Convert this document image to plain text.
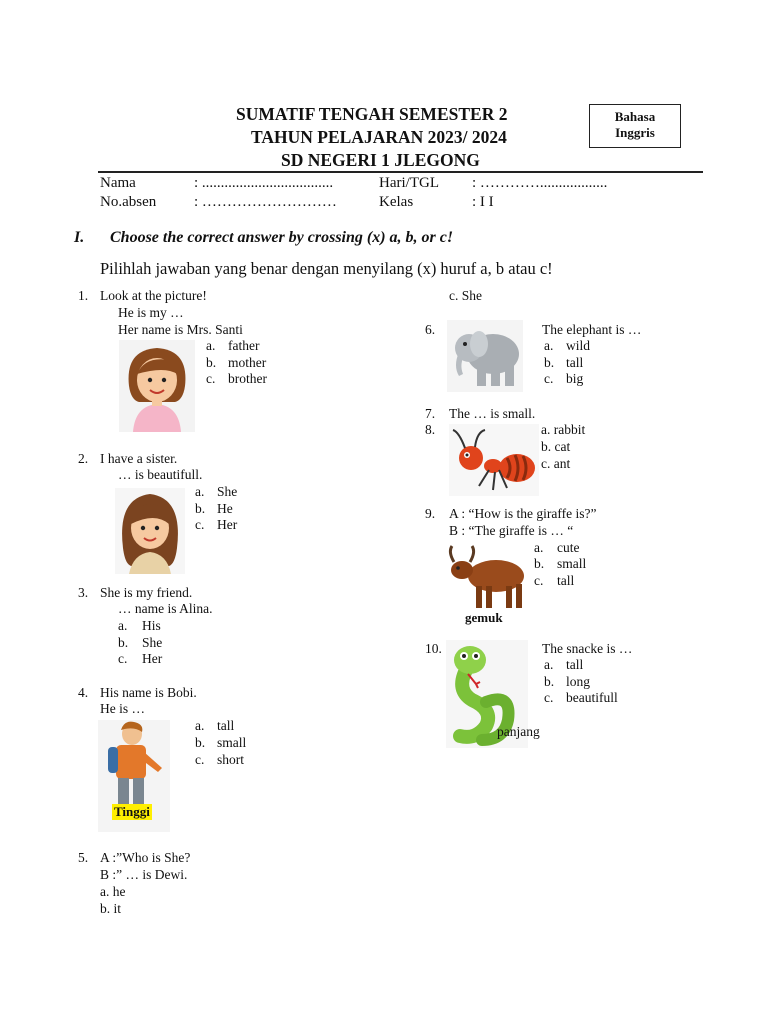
SUMATIF TENGAH SEMESTER 2
TAHUN PELAJARAN 2023/ 2024
SD NEGERI 1 JLEGONG
Bahasa
Inggris
Nama	: ...................................	Hari/TGL : …………..................
No.absen	: ………………………	Kelas	: I I
I. Choose the correct answer by crossing (x) a, b, or c!
Pilihlah jawaban yang benar dengan menyilang (x) huruf a, b atau c!
1. Look at the picture!
He is my …
Her name is Mrs. Santi
a. father
b. mother
c. brother
2. I have a sister.
… is beautifull.
a. She
b. He
c. Her
3. She is my friend.
… name is Alina.
a. His
b. She
c. Her
4. His name is Bobi.
He is …
Tinggi
a. tall
b. small
c. short
5. A :”Who is She?
B :” … is Dewi.
a. he
b. it
c. She
6.	The elephant is …
a. wild
b. tall
c. big
7. The … is small.
8.	a. rabbit
b. cat
c. ant
9. A : “How is the giraffe is?”
B : “The giraffe is … “
gemuk
a. cute
b. small
c. tall
10.
panjang
The snacke is …
a. tall
b. long
c. beautifull
